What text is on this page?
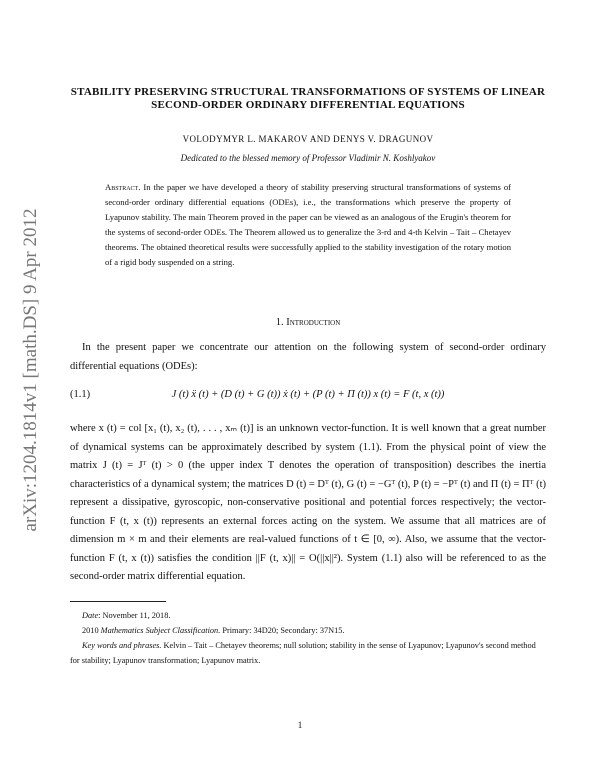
arXiv:1204.1814v1 [math.DS] 9 Apr 2012
STABILITY PRESERVING STRUCTURAL TRANSFORMATIONS OF SYSTEMS OF LINEAR SECOND-ORDER ORDINARY DIFFERENTIAL EQUATIONS
VOLODYMYR L. MAKAROV AND DENYS V. DRAGUNOV
Dedicated to the blessed memory of Professor Vladimir N. Koshlyakov
Abstract. In the paper we have developed a theory of stability preserving structural transformations of systems of second-order ordinary differential equations (ODEs), i.e., the transformations which preserve the property of Lyapunov stability. The main Theorem proved in the paper can be viewed as an analogous of the Erugin's theorem for the systems of second-order ODEs. The Theorem allowed us to generalize the 3-rd and 4-th Kelvin – Tait – Chetayev theorems. The obtained theoretical results were successfully applied to the stability investigation of the rotary motion of a rigid body suspended on a string.
1. Introduction
In the present paper we concentrate our attention on the following system of second-order ordinary differential equations (ODEs):
(1.1)	J (t) ẍ (t) + (D (t) + G (t)) ẋ (t) + (P (t) + Π (t)) x (t) = F (t, x (t))
where x (t) = col [x₁ (t), x₂ (t), . . . , xₘ (t)] is an unknown vector-function. It is well known that a great number of dynamical systems can be approximately described by system (1.1). From the physical point of view the matrix J (t) = Jᵀ (t) > 0 (the upper index T denotes the operation of transposition) describes the inertia characteristics of a dynamical system; the matrices D (t) = Dᵀ (t), G (t) = −Gᵀ (t), P (t) = −Pᵀ (t) and Π (t) = Πᵀ (t) represent a dissipative, gyroscopic, non-conservative positional and potential forces respectively; the vector-function F (t, x (t)) represents an external forces acting on the system. We assume that all matrices are of dimension m × m and their elements are real-valued functions of t ∈ [0, ∞). Also, we assume that the vector-function F (t, x (t)) satisfies the condition ||F (t, x)|| = O(||x||²). System (1.1) also will be referenced to as the second-order matrix differential equation.
Date: November 11, 2018.
2010 Mathematics Subject Classification. Primary: 34D20; Secondary: 37N15.
Key words and phrases. Kelvin – Tait – Chetayev theorems; null solution; stability in the sense of Lyapunov; Lyapunov's second method for stability; Lyapunov transformation; Lyapunov matrix.
1
